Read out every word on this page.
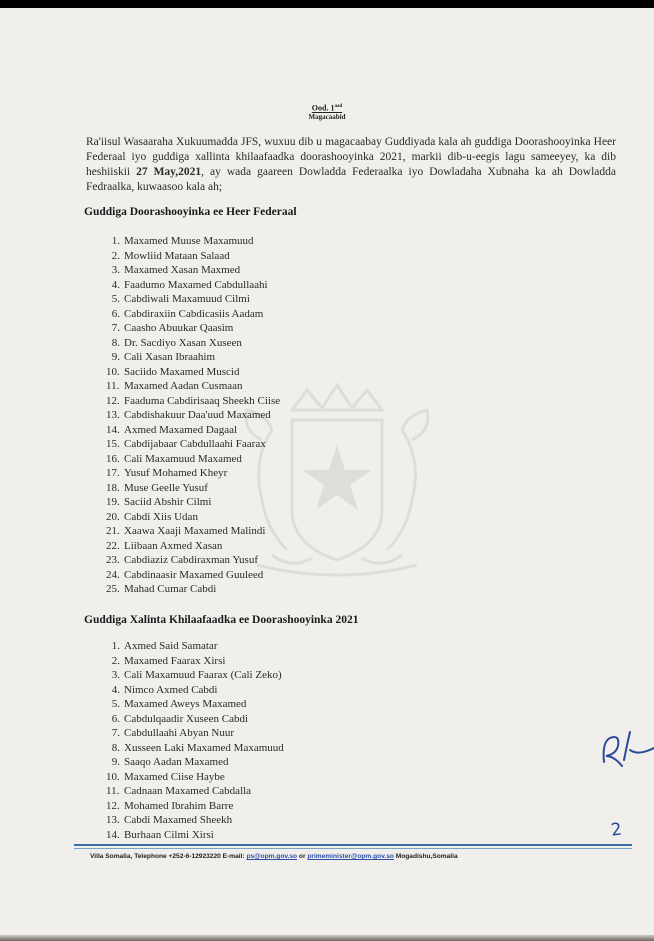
Ood. $1^{aad}$
Magacaabid

Ra'iisul Wasaaraha Xukuumadda JFS, wuxuu dib u magacaabay Guddiyada kala ah guddiga Doorashooyinka Heer Federaal iyo guddiga xallinta khilaafaadka doorashooyinka 2021, markii dib-u-eegis lagu sameeyey, ka dib heshiiskii 27 May,2021, ay wada gaareen Dowladda Federaalka iyo Dowladaha Xubnaha ka ah Dowladda Fedraalka, kuwaasoo kala ah;

Guddiga Doorashooyinka ee Heer Federaal
1. Maxamed Muuse Maxamuud
2. Mowliid Mataan Salaad
3. Maxamed Xasan Maxmed
4. Faadumo Maxamed Cabdullaahi
5. Cabdiwali Maxamuud Cilmi
6. Cabdiraxiin Cabdicasiis Aadam
7. Caasho Abuukar Qaasim
8. Dr. Sacdiyo Xasan Xuseen
9. Cali Xasan Ibraahim
10. Saciido Maxamed Muscid
11. Maxamed Aadan Cusmaan
12. Faaduma Cabdirisaaq Sheekh Ciise
13. Cabdishakuur Daa'uud Maxamed
14. Axmed Maxamed Dagaal
15. Cabdijabaar Cabdullaahi Faarax
16. Cali Maxamuud Maxamed
17. Yusuf Mohamed Kheyr
18. Muse Geelle Yusuf
19. Saciid Abshir Cilmi
20. Cabdi Xiis Udan
21. Xaawa Xaaji Maxamed Malindi
22. Liibaan Axmed Xasan
23. Cabdiaziz Cabdiraxman Yusuf
24. Cabdinaasir Maxamed Guuleed
25. Mahad Cumar Cabdi
Guddiga Xalinta Khilaafaadka ee Doorashooyinka 2021
1. Axmed Said Samatar
2. Maxamed Faarax Xirsi
3. Cali Maxamuud Faarax (Cali Zeko)
4. Nimco Axmed Cabdi
5. Maxamed Aweys Maxamed
6. Cabdulqaadir Xuseen Cabdi
7. Cabdullaahi Abyan Nuur
8. Xusseen Laki Maxamed Maxamuud
9. Saaqo Aadan Maxamed
10. Maxamed Ciise Haybe
11. Cadnaan Maxamed Cabdalla
12. Mohamed Ibrahim Barre
13. Cabdi Maxamed Sheekh
14. Burhaan Cilmi Xirsi	2
Villa Somalia, Telephone +252-6-12923220 E-mail: ps@opm.gov.so or primeminister@opm.gov.so Mogadishu,Somalia
